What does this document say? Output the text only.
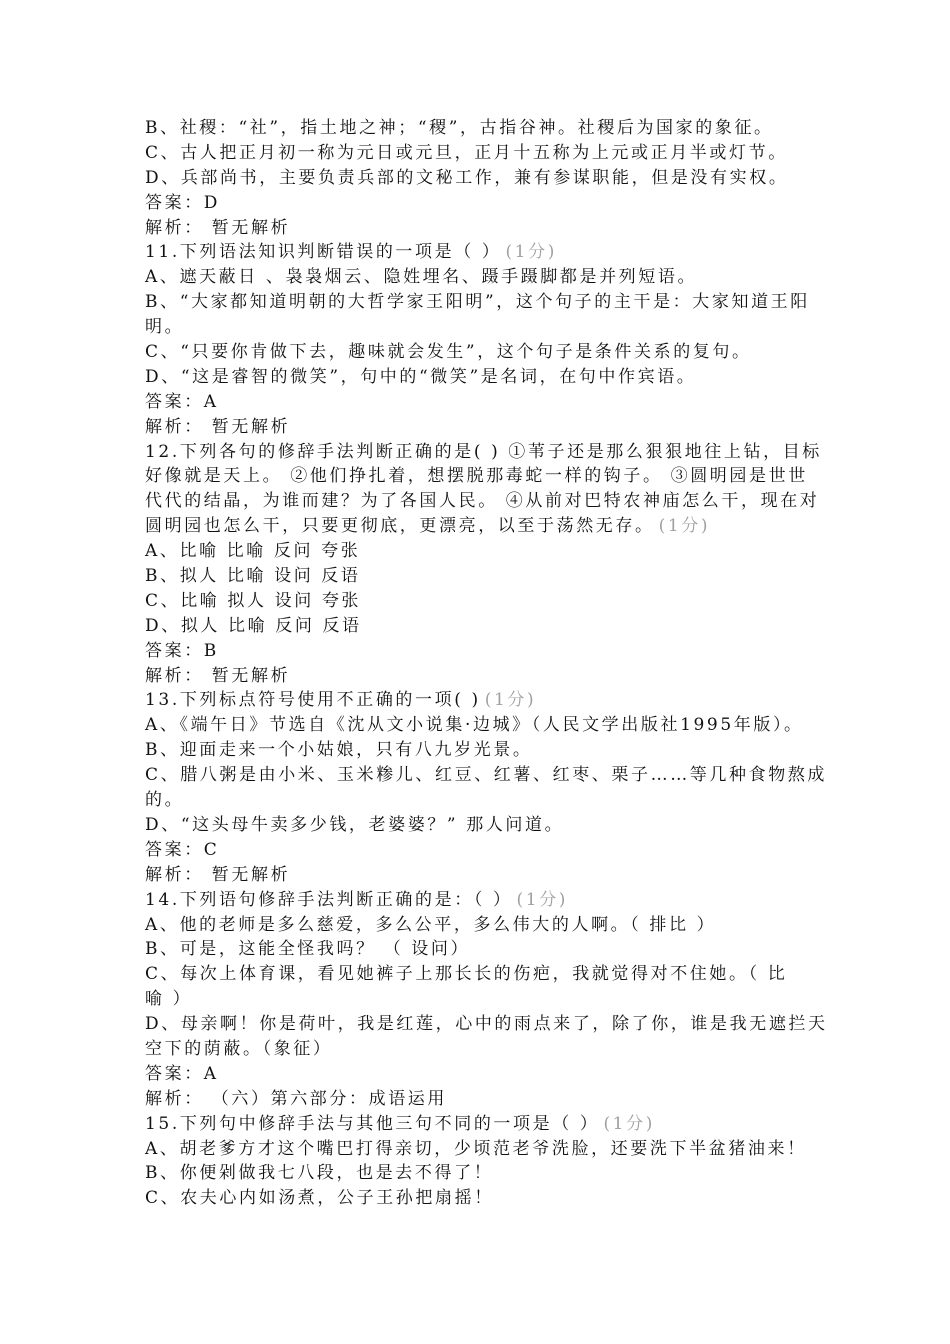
B、社稷：“社”，指土地之神；“稷”，古指谷神。社稷后为国家的象征。
C、古人把正月初一称为元日或元旦，正月十五称为上元或正月半或灯节。
D、兵部尚书，主要负责兵部的文秘工作，兼有参谋职能，但是没有实权。
答案：D
解析： 暂无解析
11.下列语法知识判断错误的一项是（ ） (1分)
A、遮天蔽日 、袅袅烟云、隐姓埋名、蹑手蹑脚都是并列短语。
B、“大家都知道明朝的大哲学家王阳明”，这个句子的主干是：大家知道王阳
明。
C、“只要你肯做下去，趣味就会发生”，这个句子是条件关系的复句。
D、“这是睿智的微笑”，句中的“微笑”是名词，在句中作宾语。
答案：A
解析： 暂无解析
12.下列各句的修辞手法判断正确的是( ) ①苇子还是那么狠狠地往上钻，目标
好像就是天上。 ②他们挣扎着，想摆脱那毒蛇一样的钩子。 ③圆明园是世世
代代的结晶，为谁而建？为了各国人民。 ④从前对巴特农神庙怎么干，现在对
圆明园也怎么干，只要更彻底，更漂亮，以至于荡然无存。 (1分)
A、比喻 比喻 反问 夸张
B、拟人 比喻 设问 反语
C、比喻 拟人 设问 夸张
D、拟人 比喻 反问 反语
答案：B
解析： 暂无解析
13.下列标点符号使用不正确的一项( ) (1分)
A、《端午日》节选自《沈从文小说集·边城》（人民文学出版社1995年版）。
B、迎面走来一个小姑娘，只有八九岁光景。
C、腊八粥是由小米、玉米糁儿、红豆、红薯、红枣、栗子……等几种食物熬成
的。
D、“这头母牛卖多少钱，老婆婆？” 那人问道。
答案：C
解析： 暂无解析
14.下列语句修辞手法判断正确的是：（ ） (1分)
A、他的老师是多么慈爱，多么公平，多么伟大的人啊。（ 排比 ）
B、可是，这能全怪我吗？ （ 设问）
C、每次上体育课，看见她裤子上那长长的伤疤，我就觉得对不住她。（ 比
喻 ）
D、母亲啊！你是荷叶，我是红莲，心中的雨点来了，除了你，谁是我无遮拦天
空下的荫蔽。（象征）
答案：A
解析： （六）第六部分：成语运用
15.下列句中修辞手法与其他三句不同的一项是（ ） (1分)
A、胡老爹方才这个嘴巴打得亲切，少顷范老爷洗脸，还要洗下半盆猪油来！
B、你便剁做我七八段，也是去不得了！
C、农夫心内如汤煮，公子王孙把扇摇！
